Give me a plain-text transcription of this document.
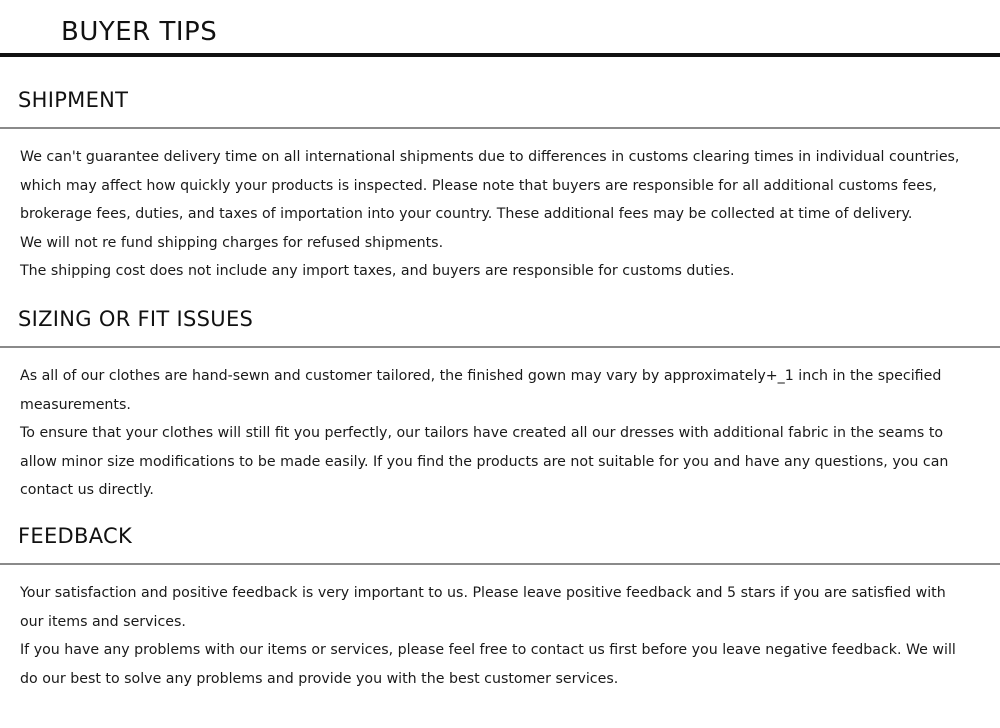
BUYER TIPS
SHIPMENT

We can't guarantee delivery time on all international shipments due to differences in customs clearing times in individual countries, which may affect how quickly your products is inspected. Please note that buyers are responsible for all additional customs fees, brokerage fees, duties, and taxes of importation into your country. These additional fees may be collected at time of delivery.

We will not re fund shipping charges for refused shipments.

The shipping cost does not include any import taxes, and buyers are responsible for customs duties.

SIZING OR FIT ISSUES

As all of our clothes are hand-sewn and customer tailored, the finished gown may vary by approximately+_1 inch in the specified measurements.

To ensure that your clothes will still fit you perfectly, our tailors have created all our dresses with additional fabric in the seams to allow minor size modifications to be made easily. If you find the products are not suitable for you and have any questions, you can contact us directly.

FEEDBACK

Your satisfaction and positive feedback is very important to us. Please leave positive feedback and 5 stars if you are satisfied with our items and services.

If you have any problems with our items or services, please feel free to contact us first before you leave negative feedback. We will do our best to solve any problems and provide you with the best customer services.
